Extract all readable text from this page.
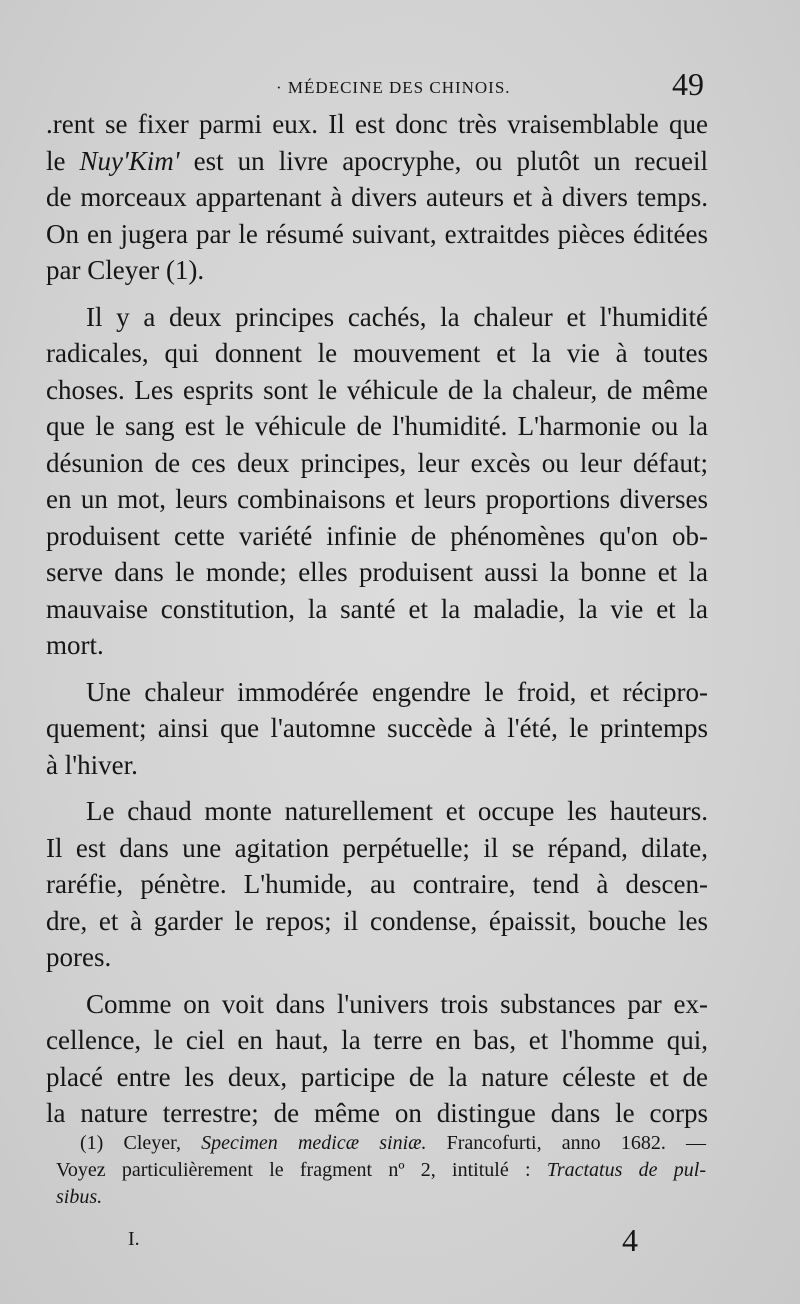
· MÉDECINE DES CHINOIS.	49

.rent se fixer parmi eux. Il est donc très vraisemblable que
le Nuy'Kim' est un livre apocryphe, ou plutôt un recueil
de morceaux appartenant à divers auteurs et à divers temps.
On en jugera par le résumé suivant, extraitdes pièces éditées
par Cleyer (1).

Il y a deux principes cachés, la chaleur et l'humidité
radicales, qui donnent le mouvement et la vie à toutes
choses. Les esprits sont le véhicule de la chaleur, de même
que le sang est le véhicule de l'humidité. L'harmonie ou la
désunion de ces deux principes, leur excès ou leur défaut;
en un mot, leurs combinaisons et leurs proportions diverses
produisent cette variété infinie de phénomènes qu'on ob-
serve dans le monde; elles produisent aussi la bonne et la
mauvaise constitution, la santé et la maladie, la vie et la
mort.

Une chaleur immodérée engendre le froid, et récipro-
quement; ainsi que l'automne succède à l'été, le printemps
à l'hiver.

Le chaud monte naturellement et occupe les hauteurs.
Il est dans une agitation perpétuelle; il se répand, dilate,
raréfie, pénètre. L'humide, au contraire, tend à descen-
dre, et à garder le repos; il condense, épaissit, bouche les
pores.

Comme on voit dans l'univers trois substances par ex-
cellence, le ciel en haut, la terre en bas, et l'homme qui,
placé entre les deux, participe de la nature céleste et de
la nature terrestre; de même on distingue dans le corps

(1) Cleyer, Specimen medicæ siniæ. Francofurti, anno 1682. —
Voyez particulièrement le fragment nº 2, intitulé : Tractatus de pul-
sibus.
I.	4
